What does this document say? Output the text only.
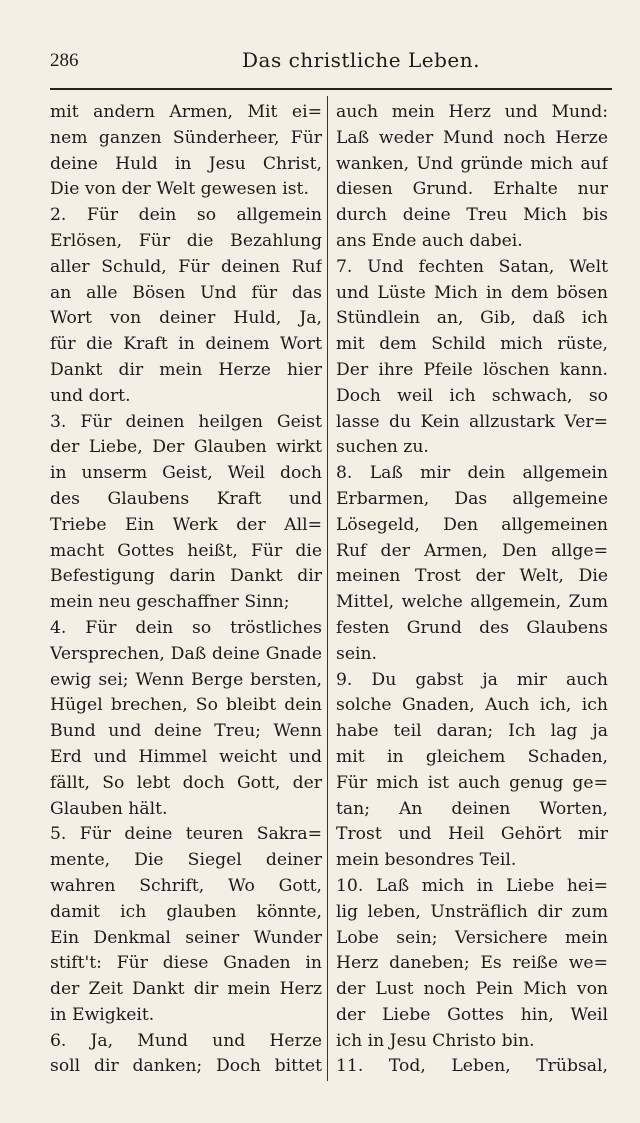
286	Das christliche Leben.
mit andern Armen, Mit ei=
nem ganzen Sünderheer, Für
deine Huld in Jesu Christ,
Die von der Welt gewesen ist.
2. Für dein so allgemein
Erlösen, Für die Bezahlung
aller Schuld, Für deinen Ruf
an alle Bösen Und für das
Wort von deiner Huld, Ja,
für die Kraft in deinem Wort
Dankt dir mein Herze hier
und dort.
3. Für deinen heilgen Geist
der Liebe, Der Glauben wirkt
in unserm Geist, Weil doch
des Glaubens Kraft und
Triebe Ein Werk der All=
macht Gottes heißt, Für die
Befestigung darin Dankt dir
mein neu geschaffner Sinn;
4. Für dein so tröstliches
Versprechen, Daß deine Gnade
ewig sei; Wenn Berge bersten,
Hügel brechen, So bleibt dein
Bund und deine Treu; Wenn
Erd und Himmel weicht und
fällt, So lebt doch Gott, der
Glauben hält.
5. Für deine teuren Sakra=
mente, Die Siegel deiner
wahren Schrift, Wo Gott,
damit ich glauben könnte,
Ein Denkmal seiner Wunder
stift't: Für diese Gnaden in
der Zeit Dankt dir mein Herz
in Ewigkeit.
6. Ja, Mund und Herze
soll dir danken; Doch bittet
auch mein Herz und Mund:
Laß weder Mund noch Herze
wanken, Und gründe mich auf
diesen Grund. Erhalte nur
durch deine Treu Mich bis
ans Ende auch dabei.
7. Und fechten Satan, Welt
und Lüste Mich in dem bösen
Stündlein an, Gib, daß ich
mit dem Schild mich rüste,
Der ihre Pfeile löschen kann.
Doch weil ich schwach, so
lasse du Kein allzustark Ver=
suchen zu.
8. Laß mir dein allgemein
Erbarmen, Das allgemeine
Lösegeld, Den allgemeinen
Ruf der Armen, Den allge=
meinen Trost der Welt, Die
Mittel, welche allgemein, Zum
festen Grund des Glaubens
sein.
9. Du gabst ja mir auch
solche Gnaden, Auch ich, ich
habe teil daran; Ich lag ja
mit in gleichem Schaden,
Für mich ist auch genug ge=
tan; An deinen Worten,
Trost und Heil Gehört mir
mein besondres Teil.
10. Laß mich in Liebe hei=
lig leben, Unsträflich dir zum
Lobe sein; Versichere mein
Herz daneben; Es reiße we=
der Lust noch Pein Mich von
der Liebe Gottes hin, Weil
ich in Jesu Christo bin.
11. Tod, Leben, Trübsal,
